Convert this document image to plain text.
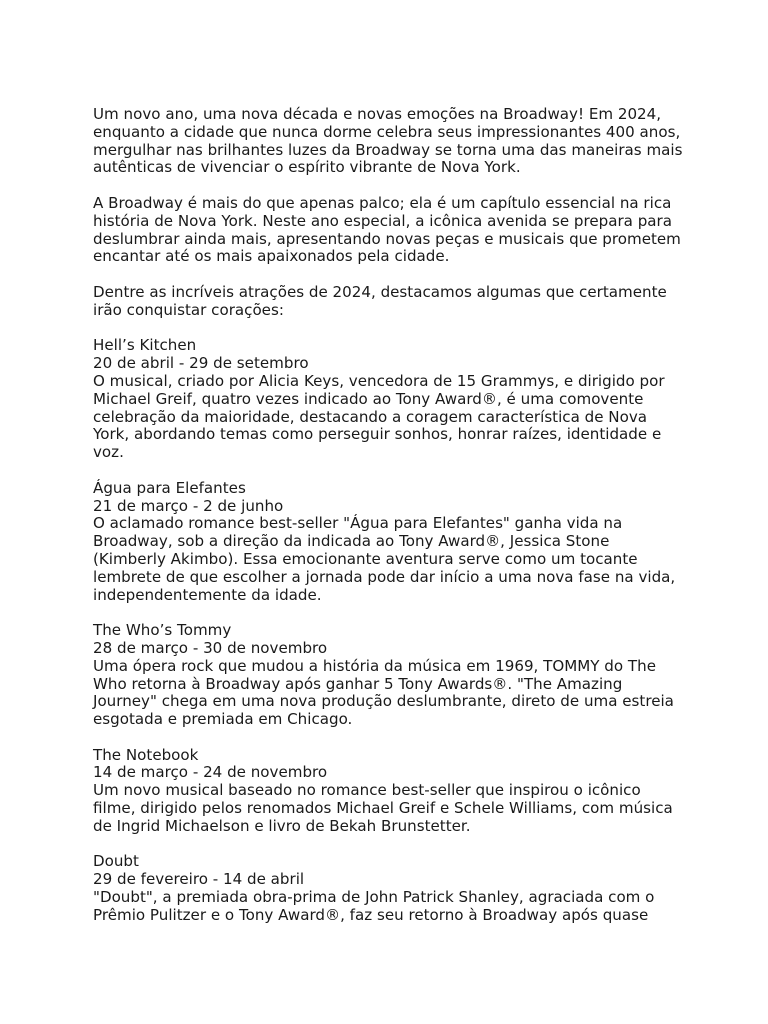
Um novo ano, uma nova década e novas emoções na Broadway! Em 2024, enquanto a cidade que nunca dorme celebra seus impressionantes 400 anos, mergulhar nas brilhantes luzes da Broadway se torna uma das maneiras mais autênticas de vivenciar o espírito vibrante de Nova York.

A Broadway é mais do que apenas palco; ela é um capítulo essencial na rica história de Nova York. Neste ano especial, a icônica avenida se prepara para deslumbrar ainda mais, apresentando novas peças e musicais que prometem encantar até os mais apaixonados pela cidade.

Dentre as incríveis atrações de 2024, destacamos algumas que certamente irão conquistar corações:

Hell’s Kitchen
20 de abril - 29 de setembro
O musical, criado por Alicia Keys, vencedora de 15 Grammys, e dirigido por Michael Greif, quatro vezes indicado ao Tony Award®, é uma comovente celebração da maioridade, destacando a coragem característica de Nova York, abordando temas como perseguir sonhos, honrar raízes, identidade e voz.
Água para Elefantes
21 de março - 2 de junho
O aclamado romance best-seller "Água para Elefantes" ganha vida na Broadway, sob a direção da indicada ao Tony Award®, Jessica Stone (Kimberly Akimbo). Essa emocionante aventura serve como um tocante lembrete de que escolher a jornada pode dar início a uma nova fase na vida, independentemente da idade.
The Who’s Tommy
28 de março - 30 de novembro
Uma ópera rock que mudou a história da música em 1969, TOMMY do The Who retorna à Broadway após ganhar 5 Tony Awards®. "The Amazing Journey" chega em uma nova produção deslumbrante, direto de uma estreia esgotada e premiada em Chicago.
The Notebook
14 de março - 24 de novembro
Um novo musical baseado no romance best-seller que inspirou o icônico filme, dirigido pelos renomados Michael Greif e Schele Williams, com música de Ingrid Michaelson e livro de Bekah Brunstetter.
Doubt
29 de fevereiro - 14 de abril
"Doubt", a premiada obra-prima de John Patrick Shanley, agraciada com o Prêmio Pulitzer e o Tony Award®, faz seu retorno à Broadway após quase
